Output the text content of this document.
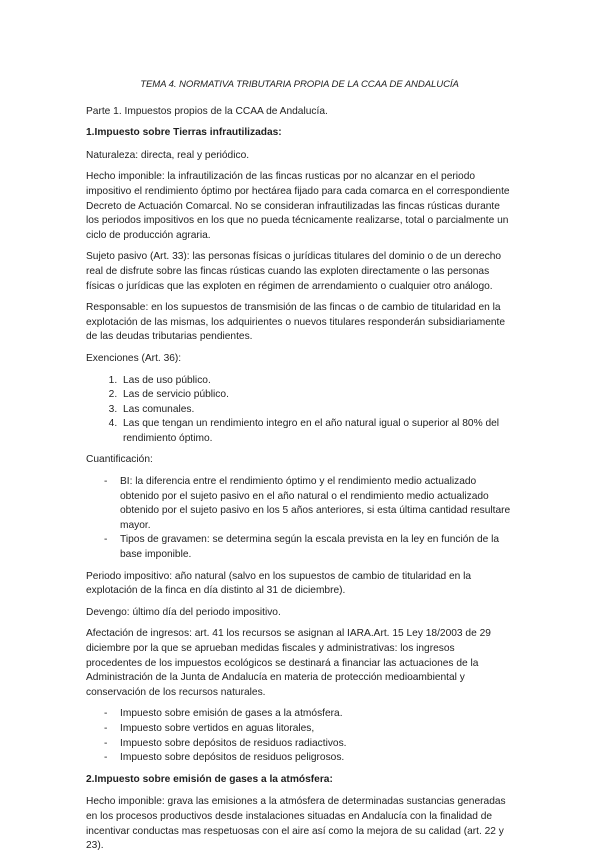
TEMA 4. NORMATIVA TRIBUTARIA PROPIA DE LA CCAA DE ANDALUCÍA

Parte 1. Impuestos propios de la CCAA de Andalucía.

1.Impuesto sobre Tierras infrautilizadas:

Naturaleza: directa, real y periódico.

Hecho imponible: la infrautilización de las fincas rusticas por no alcanzar en el periodo impositivo el rendimiento óptimo por hectárea fijado para cada comarca en el correspondiente Decreto de Actuación Comarcal. No se consideran infrautilizadas las fincas rústicas durante los periodos impositivos en los que no pueda técnicamente realizarse, total o parcialmente un ciclo de producción agraria.

Sujeto pasivo (Art. 33): las personas físicas o jurídicas titulares del dominio o de un derecho real de disfrute sobre las fincas rústicas cuando las exploten directamente o las personas físicas o jurídicas que las exploten en régimen de arrendamiento o cualquier otro análogo.

Responsable: en los supuestos de transmisión de las fincas o de cambio de titularidad en la explotación de las mismas, los adquirientes o nuevos titulares responderán subsidiariamente de las deudas tributarias pendientes.

Exenciones (Art. 36):

1. Las de uso público.
2. Las de servicio público.
3. Las comunales.
4. Las que tengan un rendimiento integro en el año natural igual o superior al 80% del rendimiento óptimo.

Cuantificación:

- BI: la diferencia entre el rendimiento óptimo y el rendimiento medio actualizado obtenido por el sujeto pasivo en el año natural o el rendimiento medio actualizado obtenido por el sujeto pasivo en los 5 años anteriores, si esta última cantidad resultare mayor.
- Tipos de gravamen: se determina según la escala prevista en la ley en función de la base imponible.

Periodo impositivo: año natural (salvo en los supuestos de cambio de titularidad en la explotación de la finca en día distinto al 31 de diciembre).

Devengo: último día del periodo impositivo.

Afectación de ingresos: art. 41 los recursos se asignan al IARA.Art. 15 Ley 18/2003 de 29 diciembre por la que se aprueban medidas fiscales y administrativas: los ingresos procedentes de los impuestos ecológicos se destinará a financiar las actuaciones de la Administración de la Junta de Andalucía en materia de protección medioambiental y conservación de los recursos naturales.

- Impuesto sobre emisión de gases a la atmósfera.
- Impuesto sobre vertidos en aguas litorales,
- Impuesto sobre depósitos de residuos radiactivos.
- Impuesto sobre depósitos de residuos peligrosos.

2.Impuesto sobre emisión de gases a la atmósfera:

Hecho imponible: grava las emisiones a la atmósfera de determinadas sustancias generadas en los procesos productivos desde instalaciones situadas en Andalucía con la finalidad de incentivar conductas mas respetuosas con el aire así como la mejora de su calidad (art. 22 y 23).
